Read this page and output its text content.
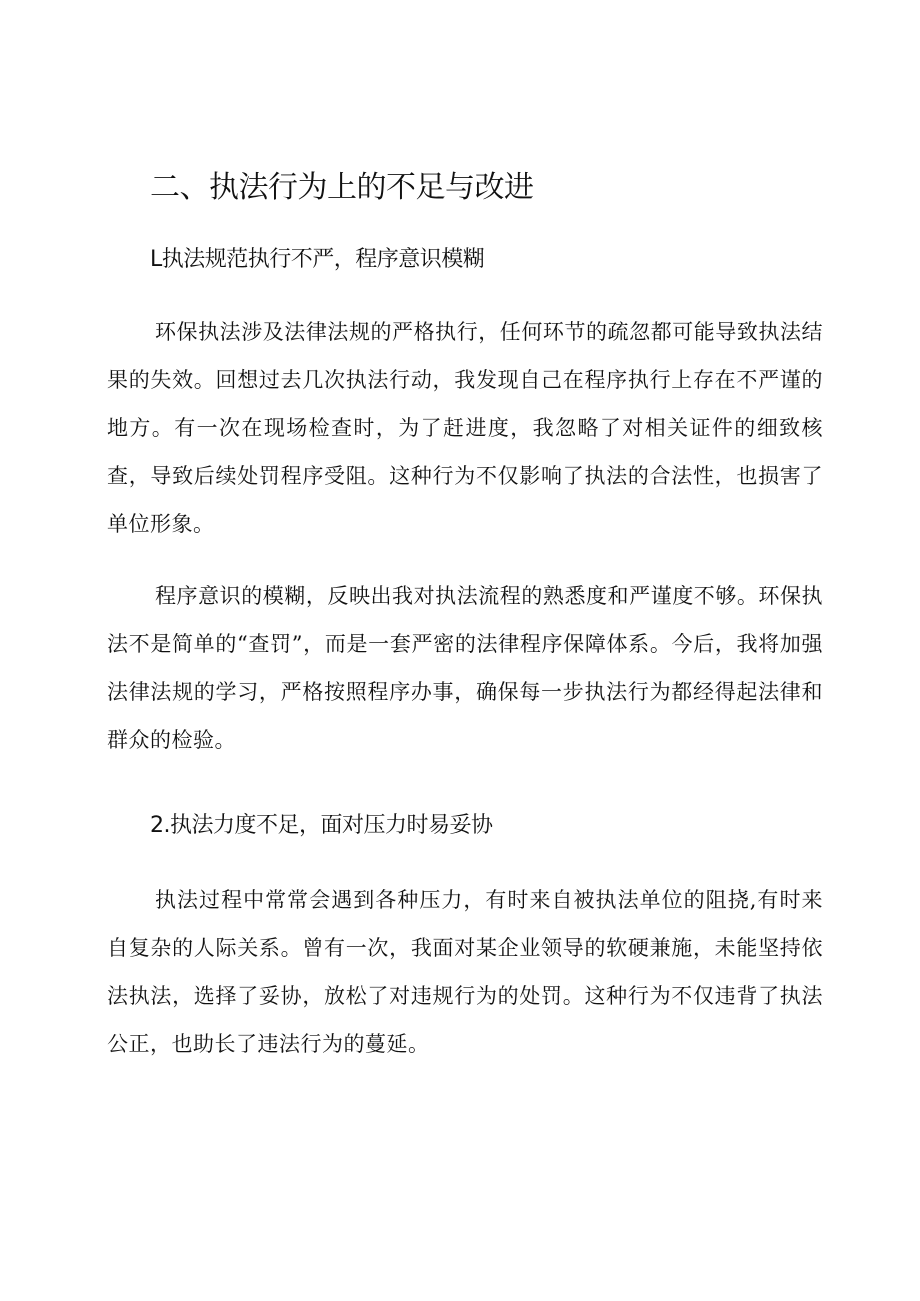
二、执法行为上的不足与改进
L执法规范执行不严，程序意识模糊

环保执法涉及法律法规的严格执行，任何环节的疏忽都可能导致执法结果的失效。回想过去几次执法行动，我发现自己在程序执行上存在不严谨的地方。有一次在现场检查时，为了赶进度，我忽略了对相关证件的细致核查，导致后续处罚程序受阻。这种行为不仅影响了执法的合法性，也损害了单位形象。

程序意识的模糊，反映出我对执法流程的熟悉度和严谨度不够。环保执法不是简单的“查罚”，而是一套严密的法律程序保障体系。今后，我将加强法律法规的学习，严格按照程序办事，确保每一步执法行为都经得起法律和群众的检验。

2.执法力度不足，面对压力时易妥协

执法过程中常常会遇到各种压力，有时来自被执法单位的阻挠,有时来自复杂的人际关系。曾有一次，我面对某企业领导的软硬兼施，未能坚持依法执法，选择了妥协，放松了对违规行为的处罚。这种行为不仅违背了执法公正，也助长了违法行为的蔓延。
